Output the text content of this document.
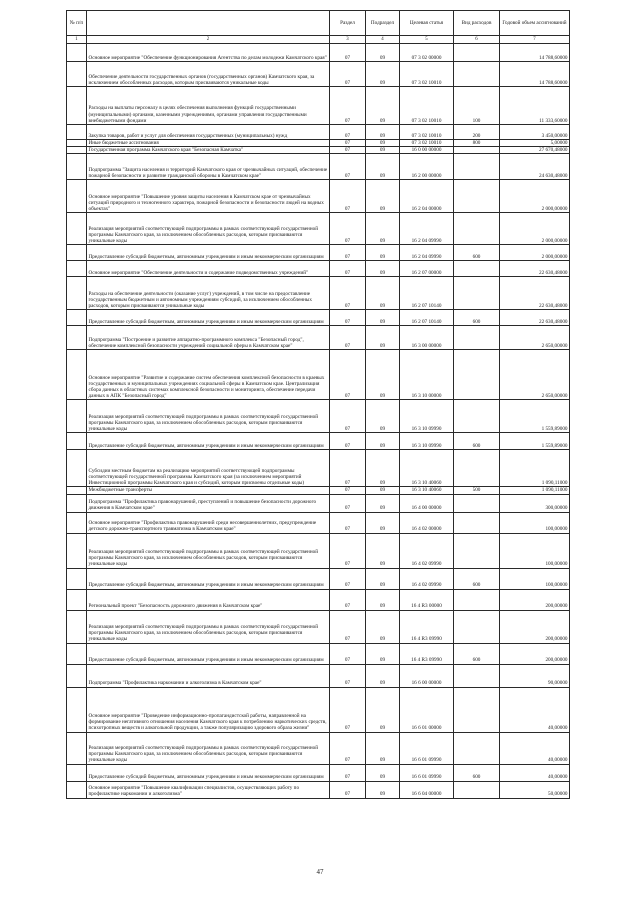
№ п/п		Раздел	Подраздел	Целевая статья	Вид расходов	Годовой объем ассигнований
1	2	3	4	5	6	7
	Основное мероприятие "Обеспечение функционирования Агентства по делам молодежи Камчатского края"	07	09	07 3 02 00000		14 788,60000
	Обеспечение деятельности государственных органов (государственных органов) Камчатского края, за исключением обособленных расходов, которым присваиваются уникальные коды	07	09	07 3 02 10010		14 788,60000
	Расходы на выплаты персоналу в целях обеспечения выполнения функций государственными (муниципальными) органами, казенными учреждениями, органами управления государственными внебюджетными фондами	07	09	07 3 02 10010	100	11 333,60000
	Закупка товаров, работ и услуг для обеспечения государственных (муниципальных) нужд	07	09	07 3 02 10010	200	3 450,00000
	Иные бюджетные ассигнования	07	09	07 3 02 10010	800	5,00000
	Государственная программа Камчатского края "Безопасная Камчатка"	07	09	16 0 00 00000		27 670,48000
	Подпрограмма "Защита населения и территорий Камчатского края от чрезвычайных ситуаций, обеспечение пожарной безопасности и развитие гражданской обороны в Камчатском крае"	07	09	16 2 00 00000		24 630,48000
	Основное мероприятие "Повышение уровня защиты населения в Камчатском крае от чрезвычайных ситуаций природного и техногенного характера, пожарной безопасности и безопасности людей на водных объектах"	07	09	16 2 04 00000		2 000,00000
	Реализация мероприятий соответствующей подпрограммы в рамках соответствующей государственной программы Камчатского края, за исключением обособленных расходов, которым присваиваются уникальные коды	07	09	16 2 04 09990		2 000,00000
	Предоставление субсидий бюджетным, автономным учреждениям и иным некоммерческим организациям	07	09	16 2 04 09990	600	2 000,00000
	Основное мероприятие "Обеспечение деятельности и содержание подведомственных учреждений"	07	09	16 2 07 00000		22 630,48000
	Расходы на обеспечение деятельности (оказание услуг) учреждений, в том числе на предоставление государственным бюджетным и автономным учреждениям субсидий, за исключением обособленных расходов, которым присваиваются уникальные коды	07	09	16 2 07 10140		22 630,48000
	Предоставление субсидий бюджетным, автономным учреждениям и иным некоммерческим организациям	07	09	16 2 07 10140	600	22 630,48000
	Подпрограмма "Построение и развитие аппаратно-программного комплекса "Безопасный город", обеспечение комплексной безопасности учреждений социальной сферы в Камчатском крае"	07	09	16 3 00 00000		2 650,00000
	Основное мероприятие "Развитие и содержание систем обеспечения комплексной безопасности в краевых государственных и муниципальных учреждениях социальной сферы в Камчатском крае. Централизация сбора данных в областных системах комплексной безопасности и мониторинга, обеспечение передачи данных в АПК "Безопасный город"	07	09	16 3 10 00000		2 650,00000
	Реализация мероприятий соответствующей подпрограммы в рамках соответствующей государственной программы Камчатского края, за исключением обособленных расходов, которым присваиваются уникальные коды	07	09	16 3 10 09990		1 559,89000
	Предоставление субсидий бюджетным, автономным учреждениям и иным некоммерческим организациям	07	09	16 3 10 09990	600	1 559,89000
	Субсидии местным бюджетам на реализацию мероприятий соответствующей подпрограммы соответствующей государственной программы Камчатского края (за исключением мероприятий Инвестиционной программы Камчатского края и субсидий, которым присвоены отдельные коды)	07	09	16 3 10 40060		1 090,11000
	Межбюджетные трансферты	07	09	16 3 10 40060	500	1 090,11000
	Подпрограмма "Профилактика правонарушений, преступлений и повышение безопасности дорожного движения в Камчатском крае"	07	09	16 4 00 00000		300,00000
	Основное мероприятие "Профилактика правонарушений среди несовершеннолетних, предупреждение детского дорожно-транспортного травматизма в Камчатском крае"	07	09	16 4 02 00000		100,00000
	Реализация мероприятий соответствующей подпрограммы в рамках соответствующей государственной программы Камчатского края, за исключением обособленных расходов, которым присваиваются уникальные коды	07	09	16 4 02 09990		100,00000
	Предоставление субсидий бюджетным, автономным учреждениям и иным некоммерческим организациям	07	09	16 4 02 09990	600	100,00000
	Региональный проект "Безопасность дорожного движения в Камчатском крае"	07	09	16 4 R3 00000		200,00000
	Реализация мероприятий соответствующей подпрограммы в рамках соответствующей государственной программы Камчатского края, за исключением обособленных расходов, которым присваиваются уникальные коды	07	09	16 4 R3 09990		200,00000
	Предоставление субсидий бюджетным, автономным учреждениям и иным некоммерческим организациям	07	09	16 4 R3 09990	600	200,00000
	Подпрограмма "Профилактика наркомании и алкоголизма в Камчатском крае"	07	09	16 6 00 00000		90,00000
	Основное мероприятие "Проведение информационно-пропагандистской работы, направленной на формирование негативного отношения населения Камчатского края к потреблению наркотических средств, психотропных веществ и алкогольной продукции, а также популяризацию здорового образа жизни"	07	09	16 6 01 00000		40,00000
	Реализация мероприятий соответствующей подпрограммы в рамках соответствующей государственной программы Камчатского края, за исключением обособленных расходов, которым присваиваются уникальные коды	07	09	16 6 01 09990		40,00000
	Предоставление субсидий бюджетным, автономным учреждениям и иным некоммерческим организациям	07	09	16 6 01 09990	600	40,00000
	Основное мероприятие "Повышение квалификации специалистов, осуществляющих работу по профилактике наркомании и алкоголизма"	07	09	16 6 04 00000		50,00000
47
